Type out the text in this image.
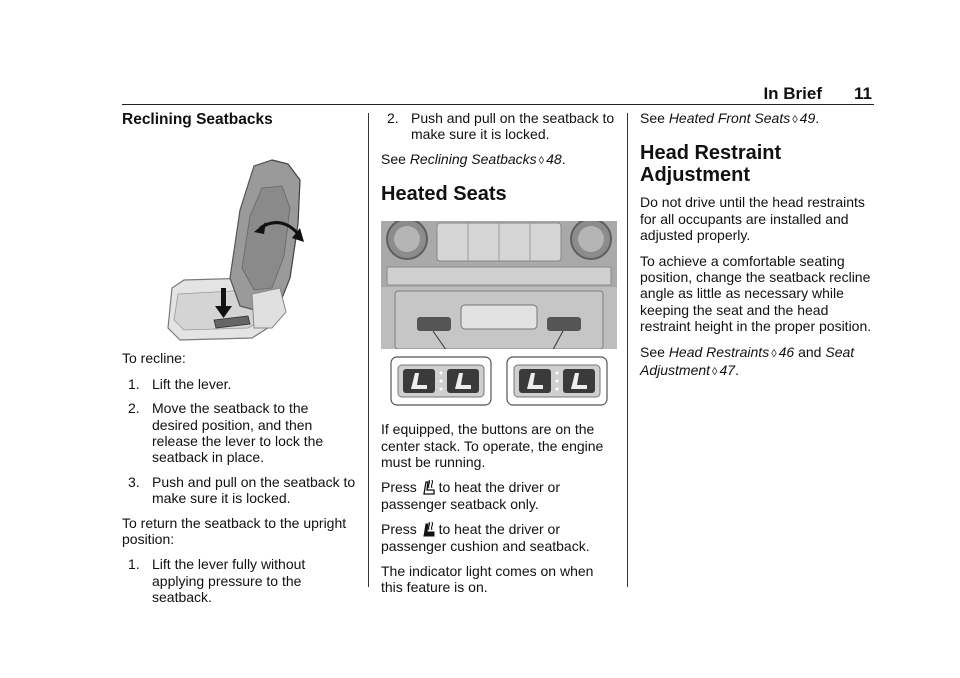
In Brief 11
Reclining Seatbacks

To recline:

1. Lift the lever.
2. Move the seatback to the desired position, and then release the lever to lock the seatback in place.
3. Push and pull on the seatback to make sure it is locked.

To return the seatback to the upright position:

1. Lift the lever fully without applying pressure to the seatback.
2. Push and pull on the seatback to make sure it is locked.

See Reclining Seatbacks ◊ 48.

Heated Seats

If equipped, the buttons are on the center stack. To operate, the engine must be running.

Press to heat the driver or passenger seatback only.

Press to heat the driver or passenger cushion and seatback.

The indicator light comes on when this feature is on.

See Heated Front Seats ◊ 49.

Head Restraint Adjustment

Do not drive until the head restraints for all occupants are installed and adjusted properly.

To achieve a comfortable seating position, change the seatback recline angle as little as necessary while keeping the seat and the head restraint height in the proper position.

See Head Restraints ◊ 46 and Seat Adjustment ◊ 47.
